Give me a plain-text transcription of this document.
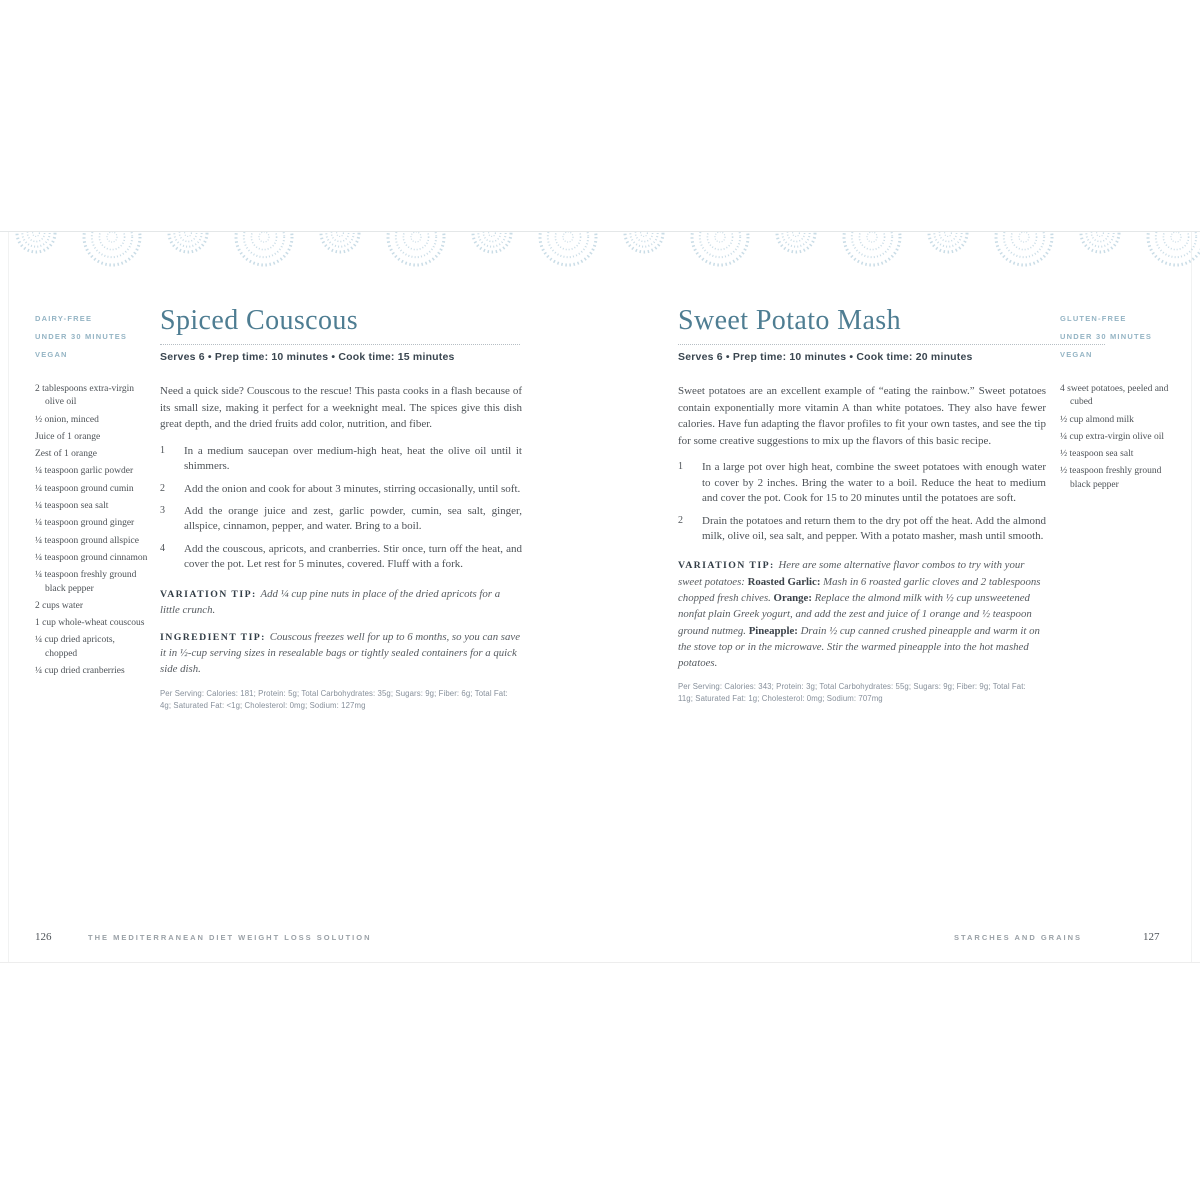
DAIRY-FREE
UNDER 30 MINUTES
VEGAN
2 tablespoons extra-virgin olive oil
½ onion, minced
Juice of 1 orange
Zest of 1 orange
¼ teaspoon garlic powder
¼ teaspoon ground cumin
¼ teaspoon sea salt
¼ teaspoon ground ginger
¼ teaspoon ground allspice
¼ teaspoon ground cinnamon
¼ teaspoon freshly ground black pepper
2 cups water
1 cup whole-wheat couscous
¼ cup dried apricots, chopped
¼ cup dried cranberries
Spiced Couscous
Serves 6 • Prep time: 10 minutes • Cook time: 15 minutes

Need a quick side? Couscous to the rescue! This pasta cooks in a flash because of its small size, making it perfect for a weeknight meal. The spices give this dish great depth, and the dried fruits add color, nutrition, and fiber.

1	In a medium saucepan over medium-high heat, heat the olive oil until it shimmers.
2	Add the onion and cook for about 3 minutes, stirring occasionally, until soft.
3	Add the orange juice and zest, garlic powder, cumin, sea salt, ginger, allspice, cinnamon, pepper, and water. Bring to a boil.
4	Add the couscous, apricots, and cranberries. Stir once, turn off the heat, and cover the pot. Let rest for 5 minutes, covered. Fluff with a fork.

VARIATION TIP: Add ¼ cup pine nuts in place of the dried apricots for a little crunch.

INGREDIENT TIP: Couscous freezes well for up to 6 months, so you can save it in ½-cup serving sizes in resealable bags or tightly sealed containers for a quick side dish.

Per Serving: Calories: 181; Protein: 5g; Total Carbohydrates: 35g; Sugars: 9g; Fiber: 6g; Total Fat: 4g; Saturated Fat: <1g; Cholesterol: 0mg; Sodium: 127mg

Sweet Potato Mash
Serves 6 • Prep time: 10 minutes • Cook time: 20 minutes

Sweet potatoes are an excellent example of “eating the rainbow.” Sweet potatoes contain exponentially more vitamin A than white potatoes. They also have fewer calories. Have fun adapting the flavor profiles to fit your own tastes, and see the tip for some creative suggestions to mix up the flavors of this basic recipe.

1	In a large pot over high heat, combine the sweet potatoes with enough water to cover by 2 inches. Bring the water to a boil. Reduce the heat to medium and cover the pot. Cook for 15 to 20 minutes until the potatoes are soft.
2	Drain the potatoes and return them to the dry pot off the heat. Add the almond milk, olive oil, sea salt, and pepper. With a potato masher, mash until smooth.

VARIATION TIP: Here are some alternative flavor combos to try with your sweet potatoes: Roasted Garlic: Mash in 6 roasted garlic cloves and 2 tablespoons chopped fresh chives. Orange: Replace the almond milk with ½ cup unsweetened nonfat plain Greek yogurt, and add the zest and juice of 1 orange and ½ teaspoon ground nutmeg. Pineapple: Drain ½ cup canned crushed pineapple and warm it on the stove top or in the microwave. Stir the warmed pineapple into the hot mashed potatoes.

Per Serving: Calories: 343; Protein: 3g; Total Carbohydrates: 55g; Sugars: 9g; Fiber: 9g; Total Fat: 11g; Saturated Fat: 1g; Cholesterol: 0mg; Sodium: 707mg

GLUTEN-FREE
UNDER 30 MINUTES
VEGAN
4 sweet potatoes, peeled and cubed
½ cup almond milk
¼ cup extra-virgin olive oil
½ teaspoon sea salt
½ teaspoon freshly ground black pepper
126	THE MEDITERRANEAN DIET WEIGHT LOSS SOLUTION	STARCHES AND GRAINS	127
